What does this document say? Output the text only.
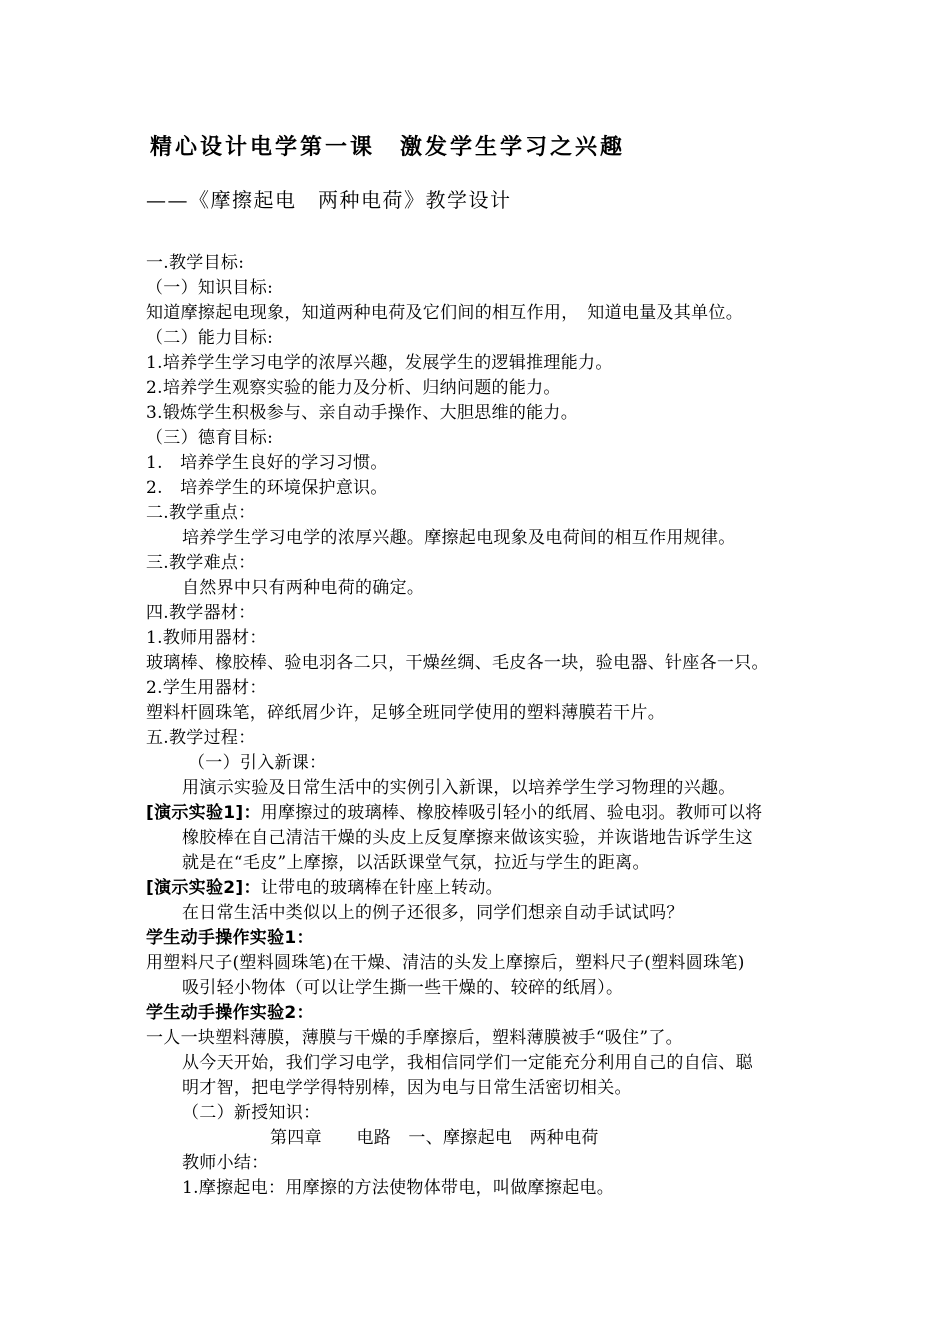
精心设计电学第一课　激发学生学习之兴趣
——《摩擦起电　两种电荷》教学设计
一.教学目标:
（一）知识目标:
知道摩擦起电现象，知道两种电荷及它们间的相互作用，　知道电量及其单位。
（二）能力目标:
1.培养学生学习电学的浓厚兴趣，发展学生的逻辑推理能力。
2.培养学生观察实验的能力及分析、归纳问题的能力。
3.锻炼学生积极参与、亲自动手操作、大胆思维的能力。
（三）德育目标:
1.　培养学生良好的学习习惯。
2.　培养学生的环境保护意识。
二.教学重点：
培养学生学习电学的浓厚兴趣。摩擦起电现象及电荷间的相互作用规律。
三.教学难点：
自然界中只有两种电荷的确定。
四.教学器材：
1.教师用器材：
玻璃棒、橡胶棒、验电羽各二只，干燥丝绸、毛皮各一块，验电器、针座各一只。
2.学生用器材：
塑料杆圆珠笔，碎纸屑少许，足够全班同学使用的塑料薄膜若干片。
五.教学过程：
（一）引入新课：
用演示实验及日常生活中的实例引入新课，以培养学生学习物理的兴趣。
[演示实验1]：用摩擦过的玻璃棒、橡胶棒吸引轻小的纸屑、验电羽。教师可以将
橡胶棒在自己清洁干燥的头皮上反复摩擦来做该实验，并诙谐地告诉学生这
就是在“毛皮”上摩擦，以活跃课堂气氛，拉近与学生的距离。
[演示实验2]：让带电的玻璃棒在针座上转动。
在日常生活中类似以上的例子还很多，同学们想亲自动手试试吗？
学生动手操作实验1：
用塑料尺子(塑料圆珠笔)在干燥、清洁的头发上摩擦后，塑料尺子(塑料圆珠笔)
吸引轻小物体（可以让学生撕一些干燥的、较碎的纸屑）。
学生动手操作实验2：
一人一块塑料薄膜，薄膜与干燥的手摩擦后，塑料薄膜被手“吸住”了。
从今天开始，我们学习电学，我相信同学们一定能充分利用自己的自信、聪
明才智，把电学学得特别棒，因为电与日常生活密切相关。
（二）新授知识：
第四章　　电路　一、摩擦起电　两种电荷
教师小结：
1.摩擦起电：用摩擦的方法使物体带电，叫做摩擦起电。
